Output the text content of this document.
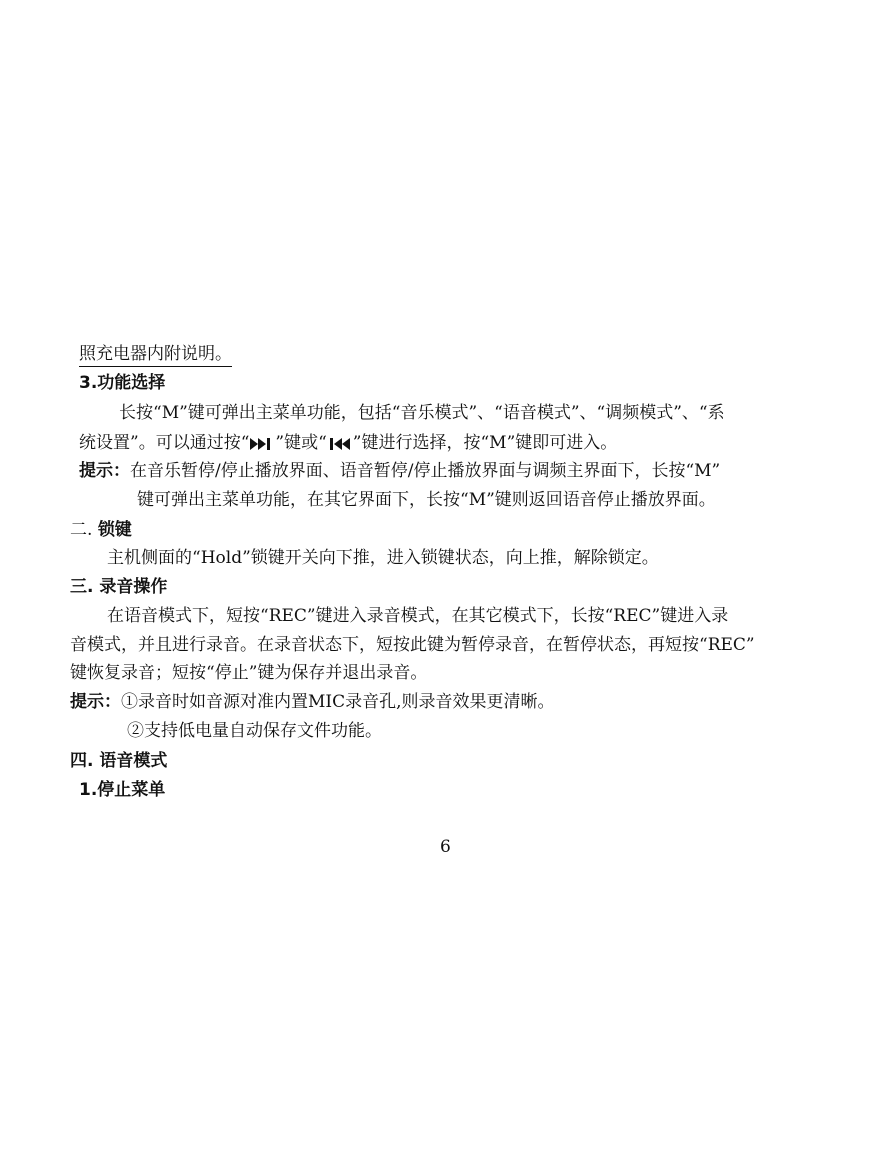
照充电器内附说明。
3.功能选择
长按“M”键可弹出主菜单功能，包括“音乐模式”、“语音模式”、“调频模式”、“系
统设置”。可以通过按“ ”键或“ ”键进行选择，按“M”键即可进入。
提示：在音乐暂停/停止播放界面、语音暂停/停止播放界面与调频主界面下，长按“M”
键可弹出主菜单功能，在其它界面下，长按“M”键则返回语音停止播放界面。
二. 锁键
主机侧面的“Hold”锁键开关向下推，进入锁键状态，向上推，解除锁定。
三. 录音操作
在语音模式下，短按“REC”键进入录音模式，在其它模式下，长按“REC”键进入录
音模式，并且进行录音。在录音状态下，短按此键为暂停录音，在暂停状态，再短按“REC”
键恢复录音；短按“停止”键为保存并退出录音。
提示：①录音时如音源对准内置MIC录音孔,则录音效果更清晰。
②支持低电量自动保存文件功能。
四. 语音模式
1.停止菜单
6
